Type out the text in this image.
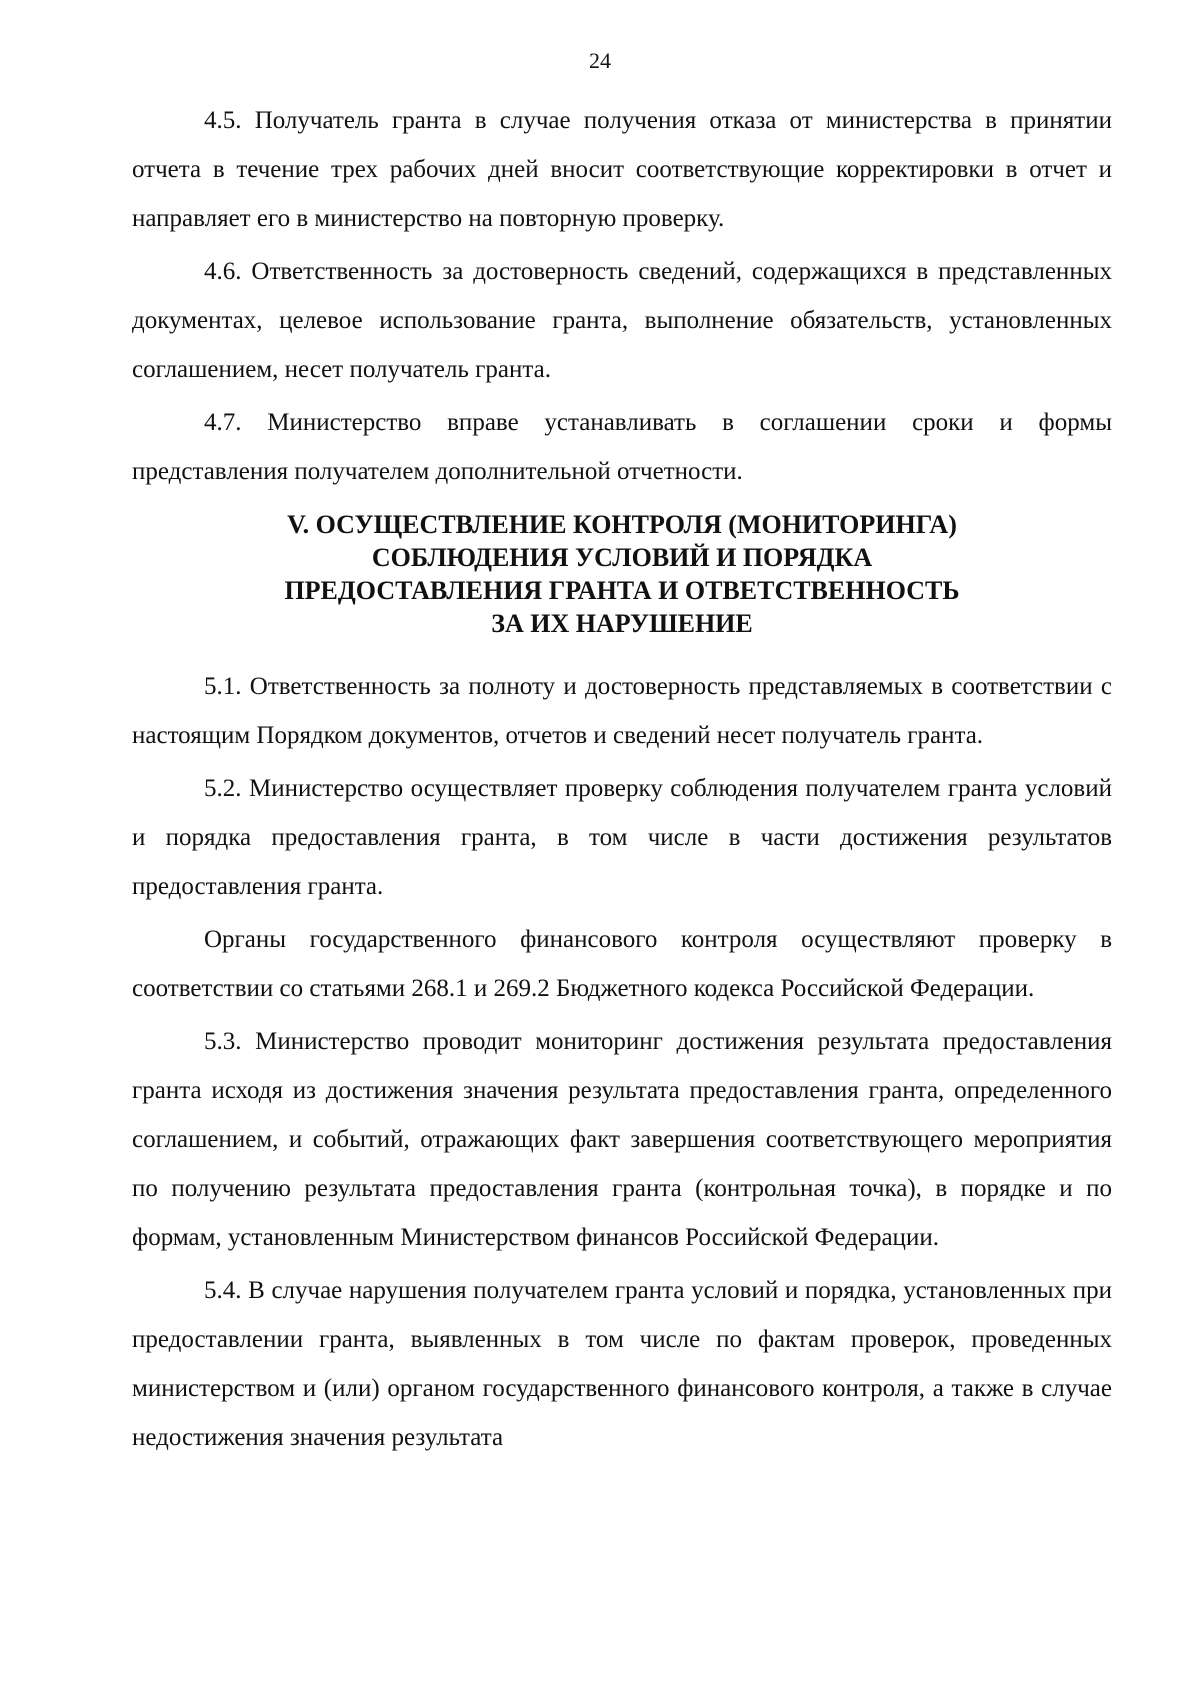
24

4.5. Получатель гранта в случае получения отказа от министерства в принятии отчета в течение трех рабочих дней вносит соответствующие корректировки в отчет и направляет его в министерство на повторную проверку.

4.6. Ответственность за достоверность сведений, содержащихся в представленных документах, целевое использование гранта, выполнение обязательств, установленных соглашением, несет получатель гранта.

4.7. Министерство вправе устанавливать в соглашении сроки и формы представления получателем дополнительной отчетности.

V. ОСУЩЕСТВЛЕНИЕ КОНТРОЛЯ (МОНИТОРИНГА)
СОБЛЮДЕНИЯ УСЛОВИЙ И ПОРЯДКА
ПРЕДОСТАВЛЕНИЯ ГРАНТА И ОТВЕТСТВЕННОСТЬ
ЗА ИХ НАРУШЕНИЕ

5.1. Ответственность за полноту и достоверность представляемых в соответствии с настоящим Порядком документов, отчетов и сведений несет получатель гранта.

5.2. Министерство осуществляет проверку соблюдения получателем гранта условий и порядка предоставления гранта, в том числе в части достижения результатов предоставления гранта.

Органы государственного финансового контроля осуществляют проверку в соответствии со статьями 268.1 и 269.2 Бюджетного кодекса Российской Федерации.

5.3. Министерство проводит мониторинг достижения результата предоставления гранта исходя из достижения значения результата предоставления гранта, определенного соглашением, и событий, отражающих факт завершения соответствующего мероприятия по получению результата предоставления гранта (контрольная точка), в порядке и по формам, установленным Министерством финансов Российской Федерации.

5.4. В случае нарушения получателем гранта условий и порядка, установленных при предоставлении гранта, выявленных в том числе по фактам проверок, проведенных министерством и (или) органом государственного финансового контроля, а также в случае недостижения значения результата
